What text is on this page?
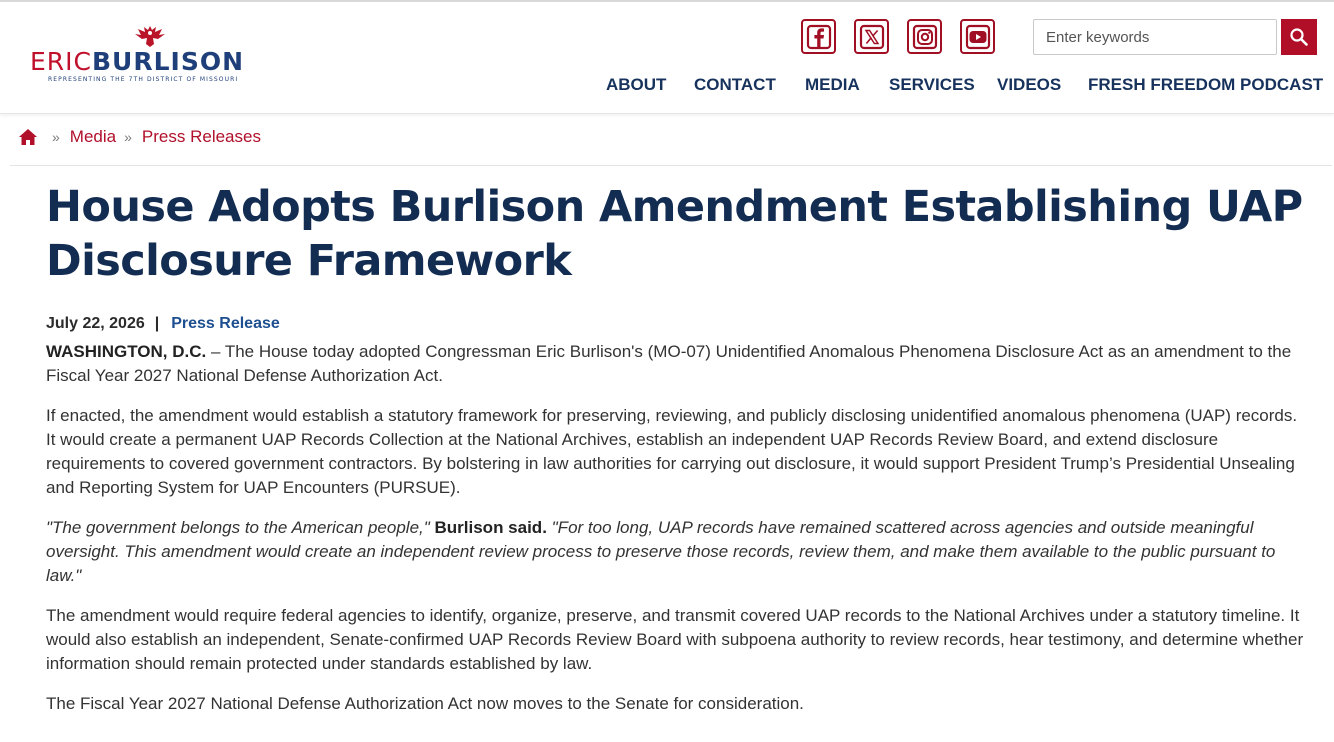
ERICBURLISON
REPRESENTING THE 7TH DISTRICT OF MISSOURI
Enter keywords	ABOUT CONTACT MEDIA SERVICES VIDEOS FRESH FREEDOM PODCAST
» Media » Press Releases
House Adopts Burlison Amendment Establishing UAP Disclosure Framework
July 22, 2026 | Press Release

WASHINGTON, D.C. – The House today adopted Congressman Eric Burlison's (MO-07) Unidentified Anomalous Phenomena Disclosure Act as an amendment to the Fiscal Year 2027 National Defense Authorization Act.

If enacted, the amendment would establish a statutory framework for preserving, reviewing, and publicly disclosing unidentified anomalous phenomena (UAP) records. It would create a permanent UAP Records Collection at the National Archives, establish an independent UAP Records Review Board, and extend disclosure requirements to covered government contractors. By bolstering in law authorities for carrying out disclosure, it would support President Trump’s Presidential Unsealing and Reporting System for UAP Encounters (PURSUE).

"The government belongs to the American people," Burlison said. "For too long, UAP records have remained scattered across agencies and outside meaningful oversight. This amendment would create an independent review process to preserve those records, review them, and make them available to the public pursuant to law."

The amendment would require federal agencies to identify, organize, preserve, and transmit covered UAP records to the National Archives under a statutory timeline. It would also establish an independent, Senate-confirmed UAP Records Review Board with subpoena authority to review records, hear testimony, and determine whether information should remain protected under standards established by law.

The Fiscal Year 2027 National Defense Authorization Act now moves to the Senate for consideration.
